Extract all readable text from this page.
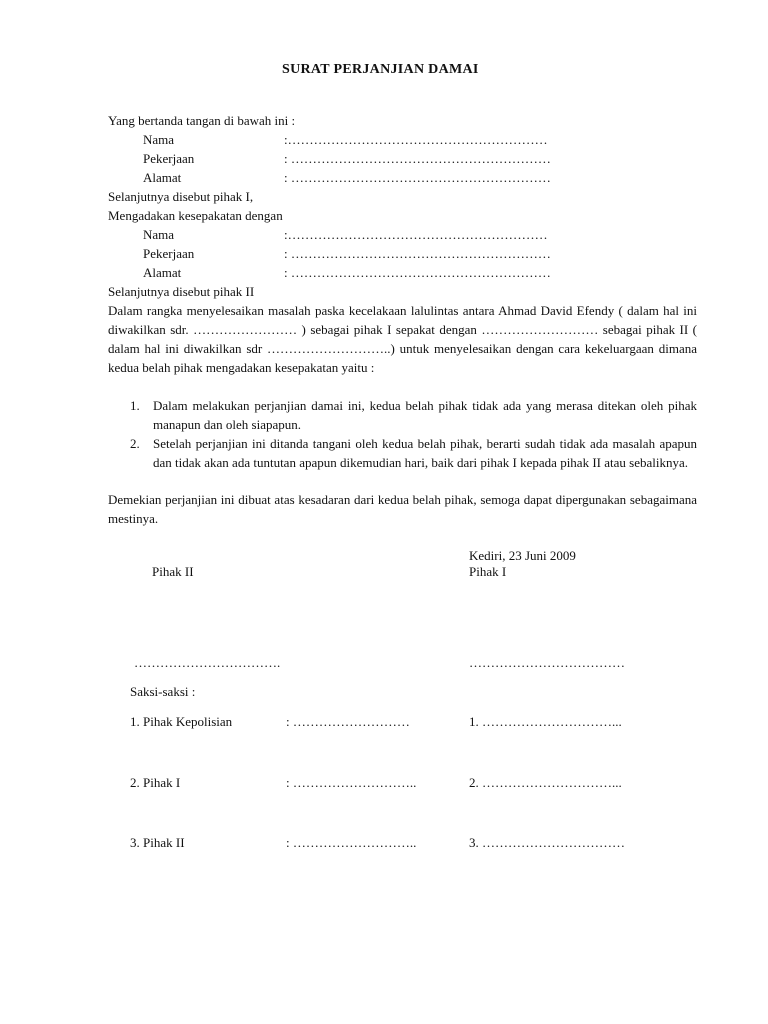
SURAT PERJANJIAN DAMAI
Yang bertanda tangan di bawah ini :
Nama	:……………………………………………………
Pekerjaan	: ……………………………………………………
Alamat	: ……………………………………………………
Selanjutnya disebut pihak I,
Mengadakan kesepakatan dengan
Nama	:……………………………………………………
Pekerjaan	: ……………………………………………………
Alamat	: ……………………………………………………
Selanjutnya disebut pihak II
Dalam rangka menyelesaikan masalah paska kecelakaan lalulintas antara Ahmad David Efendy ( dalam hal ini diwakilkan sdr. …………………… ) sebagai pihak I sepakat dengan ……………………… sebagai pihak II ( dalam hal ini diwakilkan sdr ………………………..) untuk menyelesaikan dengan cara kekeluargaan dimana kedua belah pihak mengadakan kesepakatan yaitu :
1. Dalam melakukan perjanjian damai ini, kedua belah pihak tidak ada yang merasa ditekan oleh pihak manapun dan oleh siapapun.
2. Setelah perjanjian ini ditanda tangani oleh kedua belah pihak, berarti sudah tidak ada masalah apapun dan tidak akan ada tuntutan apapun dikemudian hari, baik dari pihak I kepada pihak II atau sebaliknya.
Demekian perjanjian ini dibuat atas kesadaran dari kedua belah pihak, semoga dapat dipergunakan sebagaimana mestinya.
Kediri, 23 Juni 2009
Pihak II	Pihak I
…………………………….	………………………………
Saksi-saksi :
1. Pihak Kepolisian	: ………………………	1. …………………………...
2. Pihak I	: ………………………..	2. …………………………...
3. Pihak II	: ………………………..	3. ……………………………
